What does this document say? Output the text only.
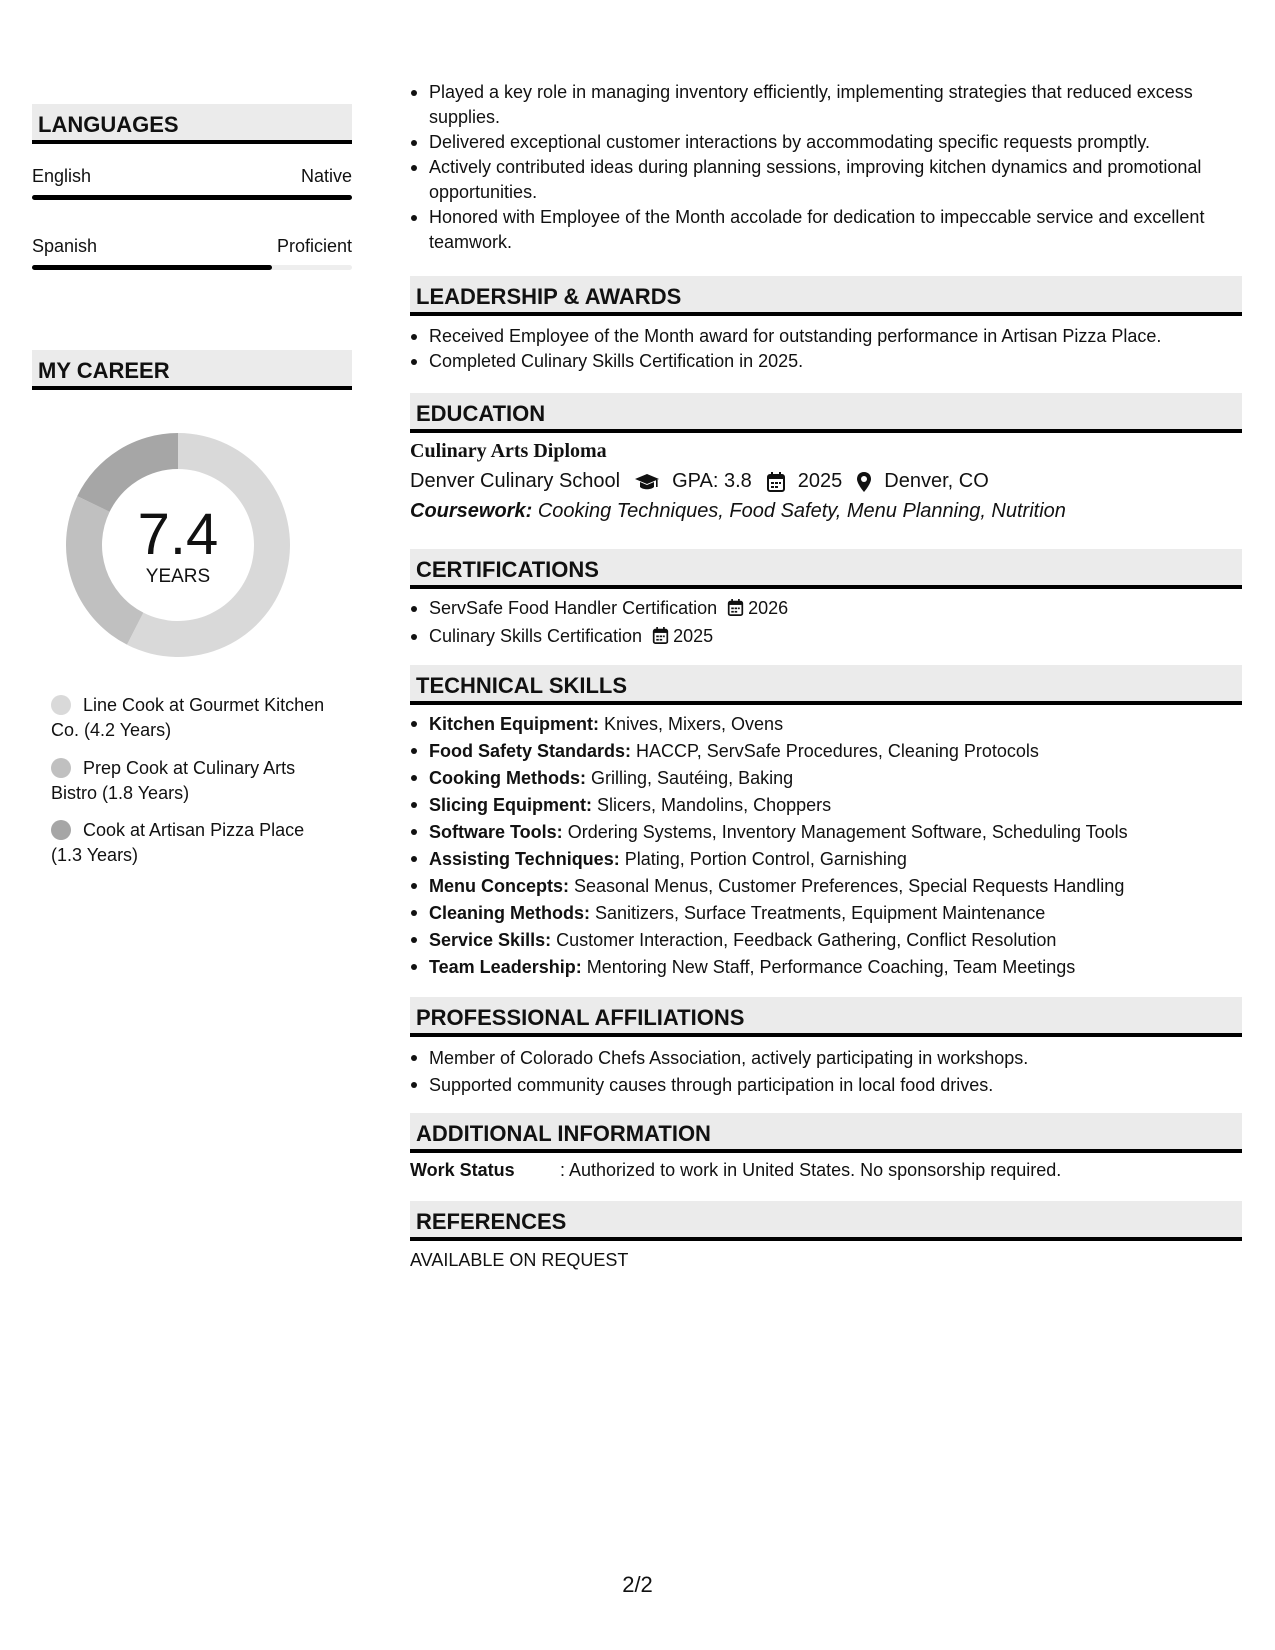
LANGUAGES
English	Native
Spanish	Proficient
MY CAREER
7.4
YEARS
Line Cook at Gourmet Kitchen Co. (4.2 Years)
Prep Cook at Culinary Arts Bistro (1.8 Years)
Cook at Artisan Pizza Place (1.3 Years)
Played a key role in managing inventory efficiently, implementing strategies that reduced excess supplies.
Delivered exceptional customer interactions by accommodating specific requests promptly.
Actively contributed ideas during planning sessions, improving kitchen dynamics and promotional opportunities.
Honored with Employee of the Month accolade for dedication to impeccable service and excellent teamwork.
LEADERSHIP & AWARDS
Received Employee of the Month award for outstanding performance in Artisan Pizza Place.
Completed Culinary Skills Certification in 2025.
EDUCATION
Culinary Arts Diploma
Denver Culinary School	GPA: 3.8 2025 Denver, CO
Coursework: Cooking Techniques, Food Safety, Menu Planning, Nutrition
CERTIFICATIONS
ServSafe Food Handler Certification 2026
Culinary Skills Certification 2025
TECHNICAL SKILLS
Kitchen Equipment: Knives, Mixers, Ovens
Food Safety Standards: HACCP, ServSafe Procedures, Cleaning Protocols
Cooking Methods: Grilling, Sautéing, Baking
Slicing Equipment: Slicers, Mandolins, Choppers
Software Tools: Ordering Systems, Inventory Management Software, Scheduling Tools
Assisting Techniques: Plating, Portion Control, Garnishing
Menu Concepts: Seasonal Menus, Customer Preferences, Special Requests Handling
Cleaning Methods: Sanitizers, Surface Treatments, Equipment Maintenance
Service Skills: Customer Interaction, Feedback Gathering, Conflict Resolution
Team Leadership: Mentoring New Staff, Performance Coaching, Team Meetings
PROFESSIONAL AFFILIATIONS
Member of Colorado Chefs Association, actively participating in workshops.
Supported community causes through participation in local food drives.
ADDITIONAL INFORMATION
Work Status	: Authorized to work in United States. No sponsorship required.
REFERENCES
AVAILABLE ON REQUEST
2/2
